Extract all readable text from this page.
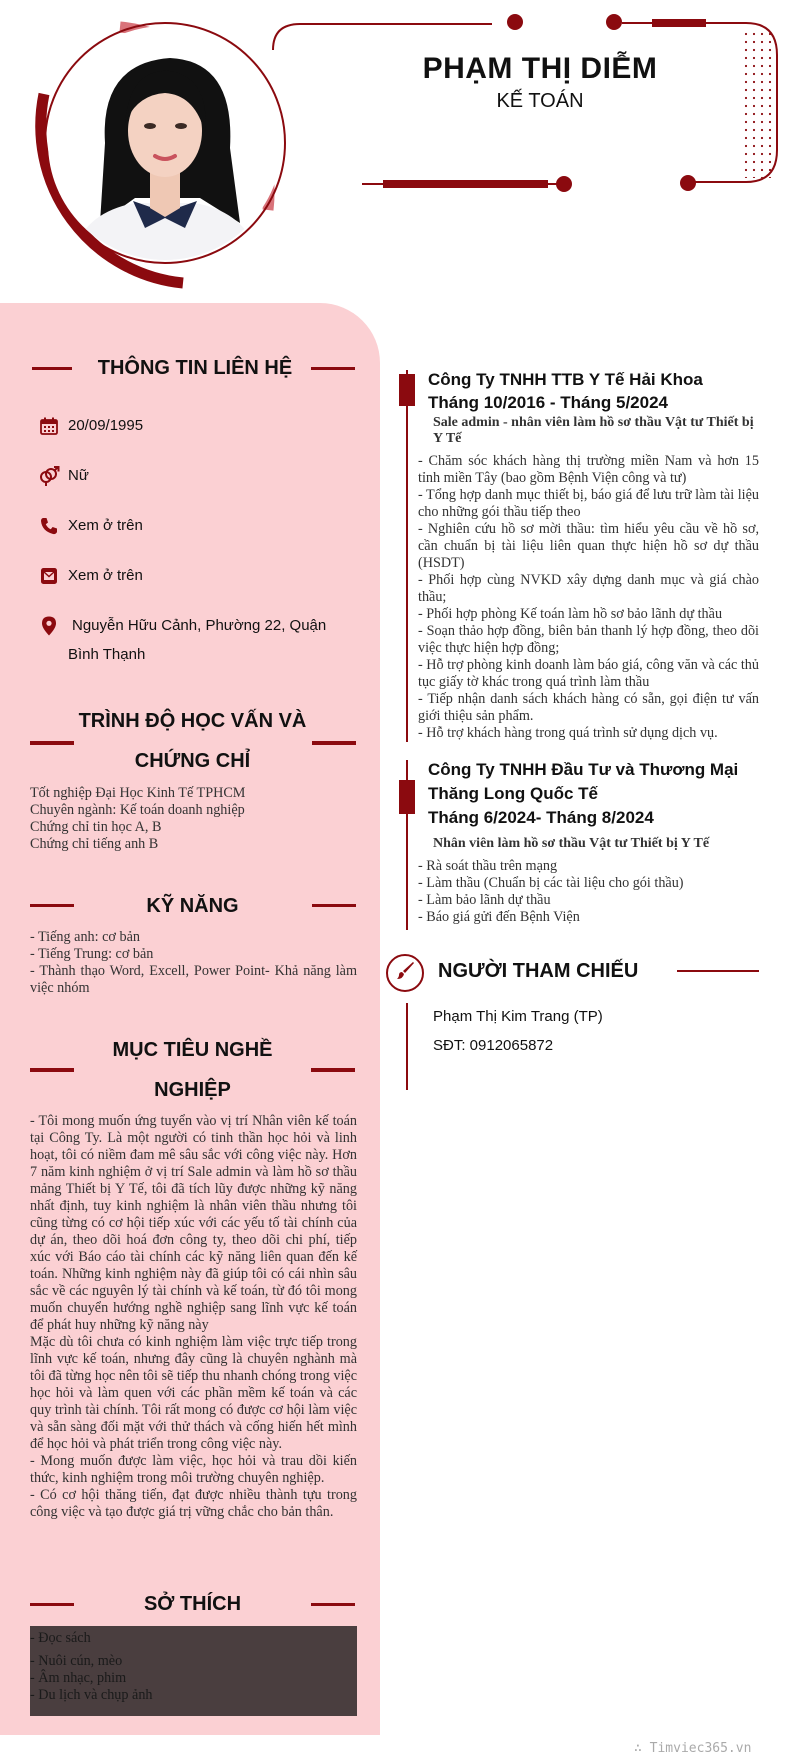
PHẠM THỊ DIỄM
KẾ TOÁN
THÔNG TIN LIÊN HỆ
20/09/1995
Nữ
Xem ở trên
Xem ở trên
Nguyễn Hữu Cảnh, Phường 22, Quận
Bình Thạnh
TRÌNH ĐỘ HỌC VẤN VÀ
CHỨNG CHỈ
Tốt nghiệp Đại Học Kinh Tế TPHCM
Chuyên ngành: Kế toán doanh nghiệp
Chứng chỉ tin học A, B
Chứng chỉ tiếng anh B
KỸ NĂNG
- Tiếng anh: cơ bản
- Tiếng Trung: cơ bản
- Thành thạo Word, Excell, Power Point- Khả năng làm việc nhóm
MỤC TIÊU NGHỀ
NGHIỆP
- Tôi mong muốn ứng tuyển vào vị trí Nhân viên kế toán tại Công Ty. Là một người có tinh thần học hỏi và linh hoạt, tôi có niềm đam mê sâu sắc với công việc này. Hơn 7 năm kinh nghiệm ở vị trí Sale admin và làm hồ sơ thầu mảng Thiết bị Y Tế, tôi đã tích lũy được những kỹ năng nhất định, tuy kinh nghiệm là nhân viên thầu nhưng tôi cũng từng có cơ hội tiếp xúc với các yếu tố tài chính của dự án, theo dõi hoá đơn công ty, theo dõi chi phí, tiếp xúc với Báo cáo tài chính các kỹ năng liên quan đến kế toán. Những kinh nghiệm này đã giúp tôi có cái nhìn sâu sắc về các nguyên lý tài chính và kế toán, từ đó tôi mong muốn chuyển hướng nghề nghiệp sang lĩnh vực kế toán để phát huy những kỹ năng này
Mặc dù tôi chưa có kinh nghiệm làm việc trực tiếp trong lĩnh vực kế toán, nhưng đây cũng là chuyên nghành mà tôi đã từng học nên tôi sẽ tiếp thu nhanh chóng trong việc học hỏi và làm quen với các phần mềm kế toán và các quy trình tài chính. Tôi rất mong có được cơ hội làm việc và sẵn sàng đối mặt với thử thách và cống hiến hết mình để học hỏi và phát triển trong công việc này.
- Mong muốn được làm việc, học hỏi và trau dồi kiến thức, kinh nghiệm trong môi trường chuyên nghiệp.
- Có cơ hội thăng tiến, đạt được nhiều thành tựu trong công việc và tạo được giá trị vững chắc cho bản thân.
SỞ THÍCH
- Đọc sách
- Nuôi cún, mèo
- Âm nhạc, phim
- Du lịch và chụp ảnh
Công Ty TNHH TTB Y Tế Hải Khoa
Tháng 10/2016 - Tháng 5/2024
Sale admin - nhân viên làm hồ sơ thầu Vật tư Thiết bị Y Tế
- Chăm sóc khách hàng thị trường miền Nam và hơn 15 tỉnh miền Tây (bao gồm Bệnh Viện công và tư)
- Tổng hợp danh mục thiết bị, báo giá để lưu trữ làm tài liệu cho những gói thầu tiếp theo
- Nghiên cứu hồ sơ mời thầu: tìm hiểu yêu cầu về hồ sơ, cần chuẩn bị tài liệu liên quan thực hiện hồ sơ dự thầu (HSDT)
- Phối hợp cùng NVKD xây dựng danh mục và giá chào thầu;
- Phối hợp phòng Kế toán làm hồ sơ bảo lãnh dự thầu
- Soạn thảo hợp đồng, biên bản thanh lý hợp đồng, theo dõi việc thực hiện hợp đồng;
- Hỗ trợ phòng kinh doanh làm báo giá, công văn và các thủ tục giấy tờ khác trong quá trình làm thầu
- Tiếp nhận danh sách khách hàng có sẵn, gọi điện tư vấn giới thiệu sản phẩm.
- Hỗ trợ khách hàng trong quá trình sử dụng dịch vụ.
Công Ty TNHH Đầu Tư và Thương Mại
Thăng Long Quốc Tế
Tháng 6/2024- Tháng 8/2024
Nhân viên làm hồ sơ thầu Vật tư Thiết bị Y Tế
- Rà soát thầu trên mạng
- Làm thầu (Chuẩn bị các tài liệu cho gói thầu)
- Làm bảo lãnh dự thầu
- Báo giá gửi đến Bệnh Viện
NGƯỜI THAM CHIẾU
Phạm Thị Kim Trang (TP)
SĐT: 0912065872
∴ Timviec365.vn
